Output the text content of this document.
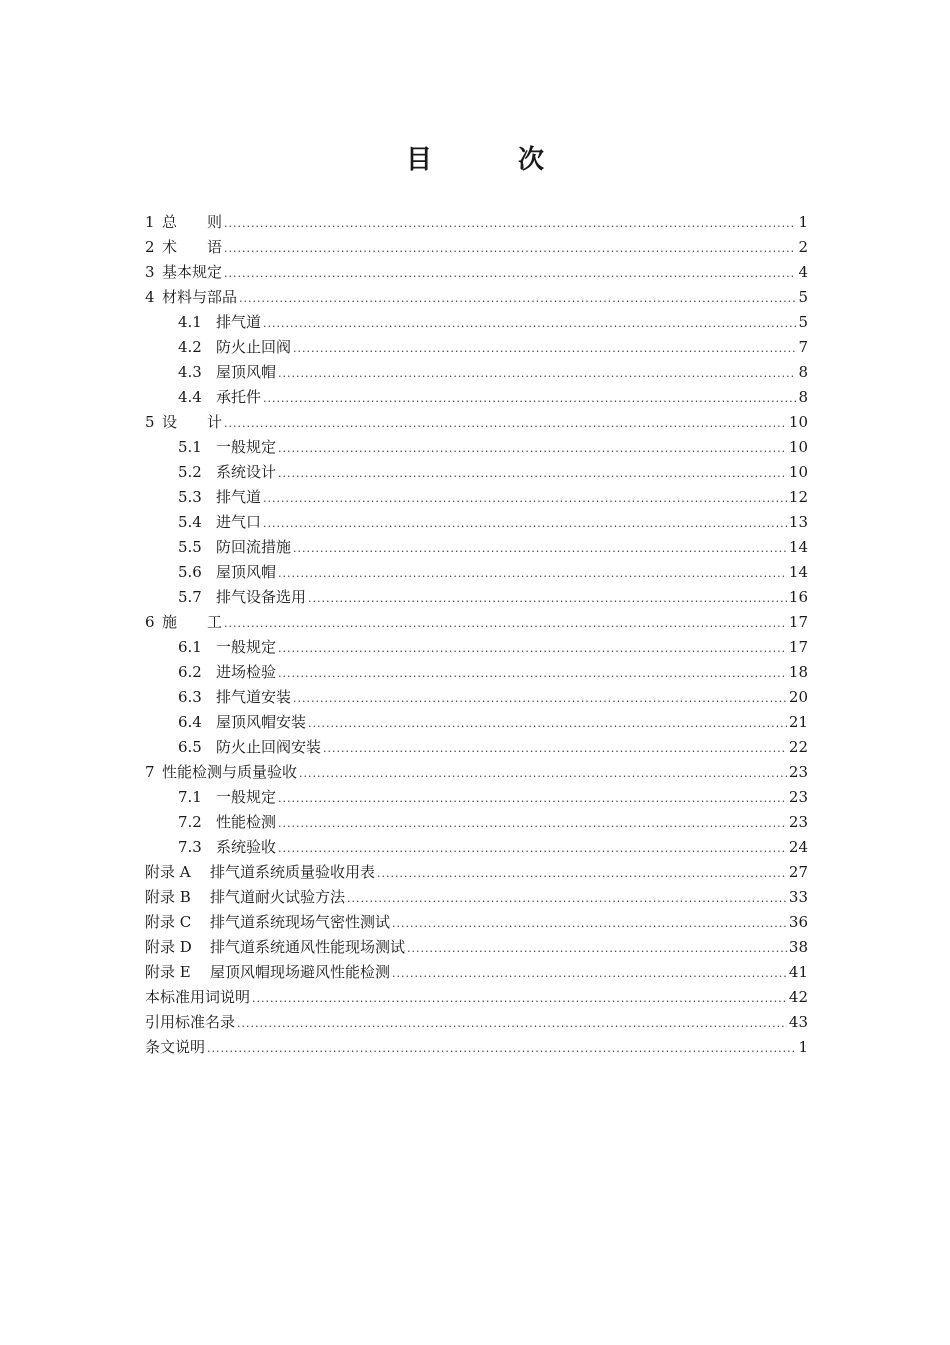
目　次
1 总　　则 .....	1
2 术　　语 .....	2
3 基本规定 .....	4
4 材料与部品 .....	5
4.1 排气道 .....	5
4.2 防火止回阀 .....	7
4.3 屋顶风帽 .....	8
4.4 承托件 .....	8
5 设　　计 .....	10
5.1 一般规定 .....	10
5.2 系统设计 .....	10
5.3 排气道 .....	12
5.4 进气口 .....	13
5.5 防回流措施 .....	14
5.6 屋顶风帽 .....	14
5.7 排气设备选用 .....	16
6 施　　工 .....	17
6.1 一般规定 .....	17
6.2 进场检验 .....	18
6.3 排气道安装 .....	20
6.4 屋顶风帽安装 .....	21
6.5 防火止回阀安装 .....	22
7 性能检测与质量验收 .....	23
7.1 一般规定 .....	23
7.2 性能检测 .....	23
7.3 系统验收 .....	24
附录 A	排气道系统质量验收用表 .....	27
附录 B	排气道耐火试验方法 .....	33
附录 C	排气道系统现场气密性测试 .....	36
附录 D	排气道系统通风性能现场测试 .....	38
附录 E	屋顶风帽现场避风性能检测 .....	41
本标准用词说明 .....	42
引用标准名录 .....	43
条文说明 .....	1
